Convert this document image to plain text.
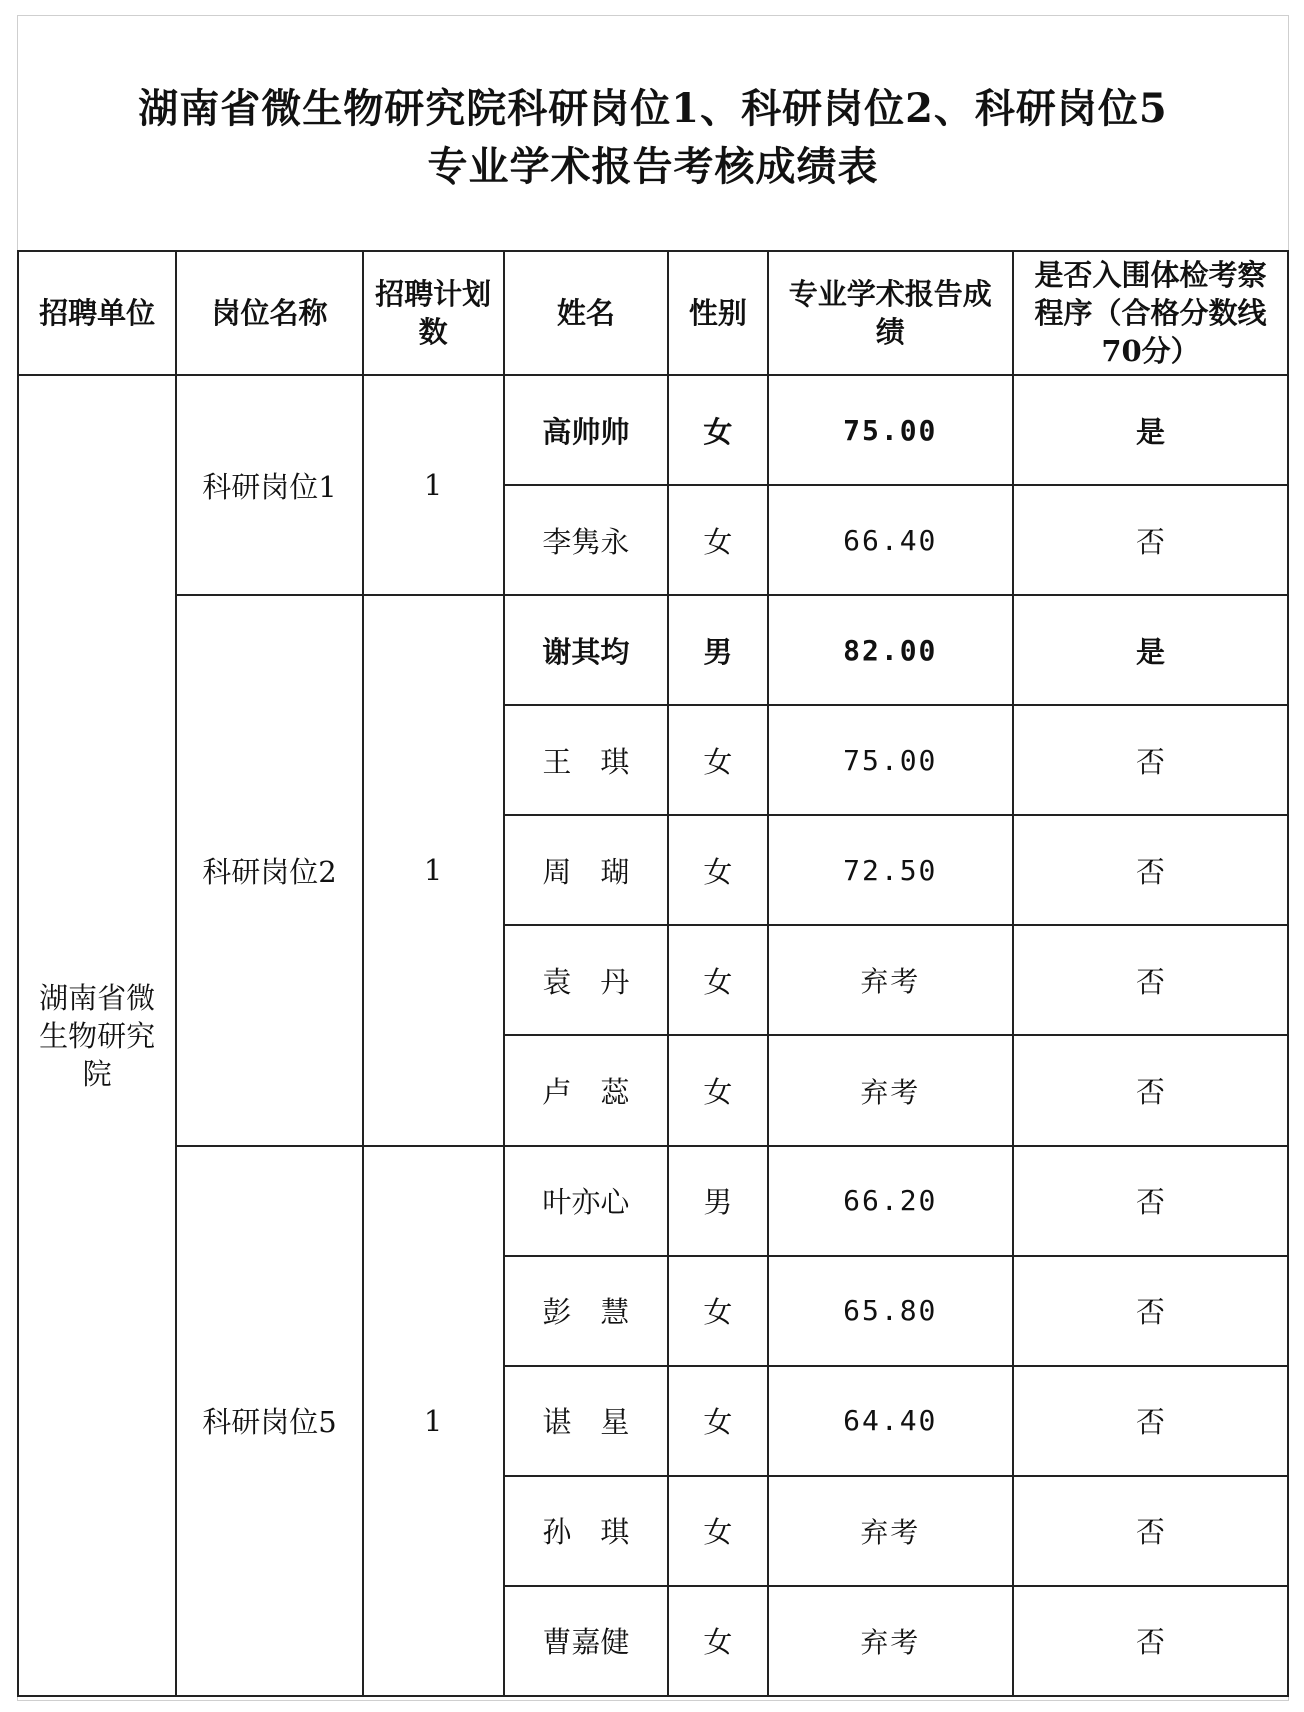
湖南省微生物研究院科研岗位1、科研岗位2、科研岗位5
专业学术报告考核成绩表
招聘单位	岗位名称	招聘计划数	姓名	性别	专业学术报告成绩	是否入围体检考察程序（合格分数线70分）
湖南省微生物研究院	科研岗位1	1	高帅帅	女	75.00	是
			李隽永	女	66.40	否
	科研岗位2	1	谢其均	男	82.00	是
			王　琪	女	75.00	否
			周　瑚	女	72.50	否
			袁　丹	女	弃考	否
			卢　蕊	女	弃考	否
	科研岗位5	1	叶亦心	男	66.20	否
			彭　慧	女	65.80	否
			谌　星	女	64.40	否
			孙　琪	女	弃考	否
			曹嘉健	女	弃考	否
